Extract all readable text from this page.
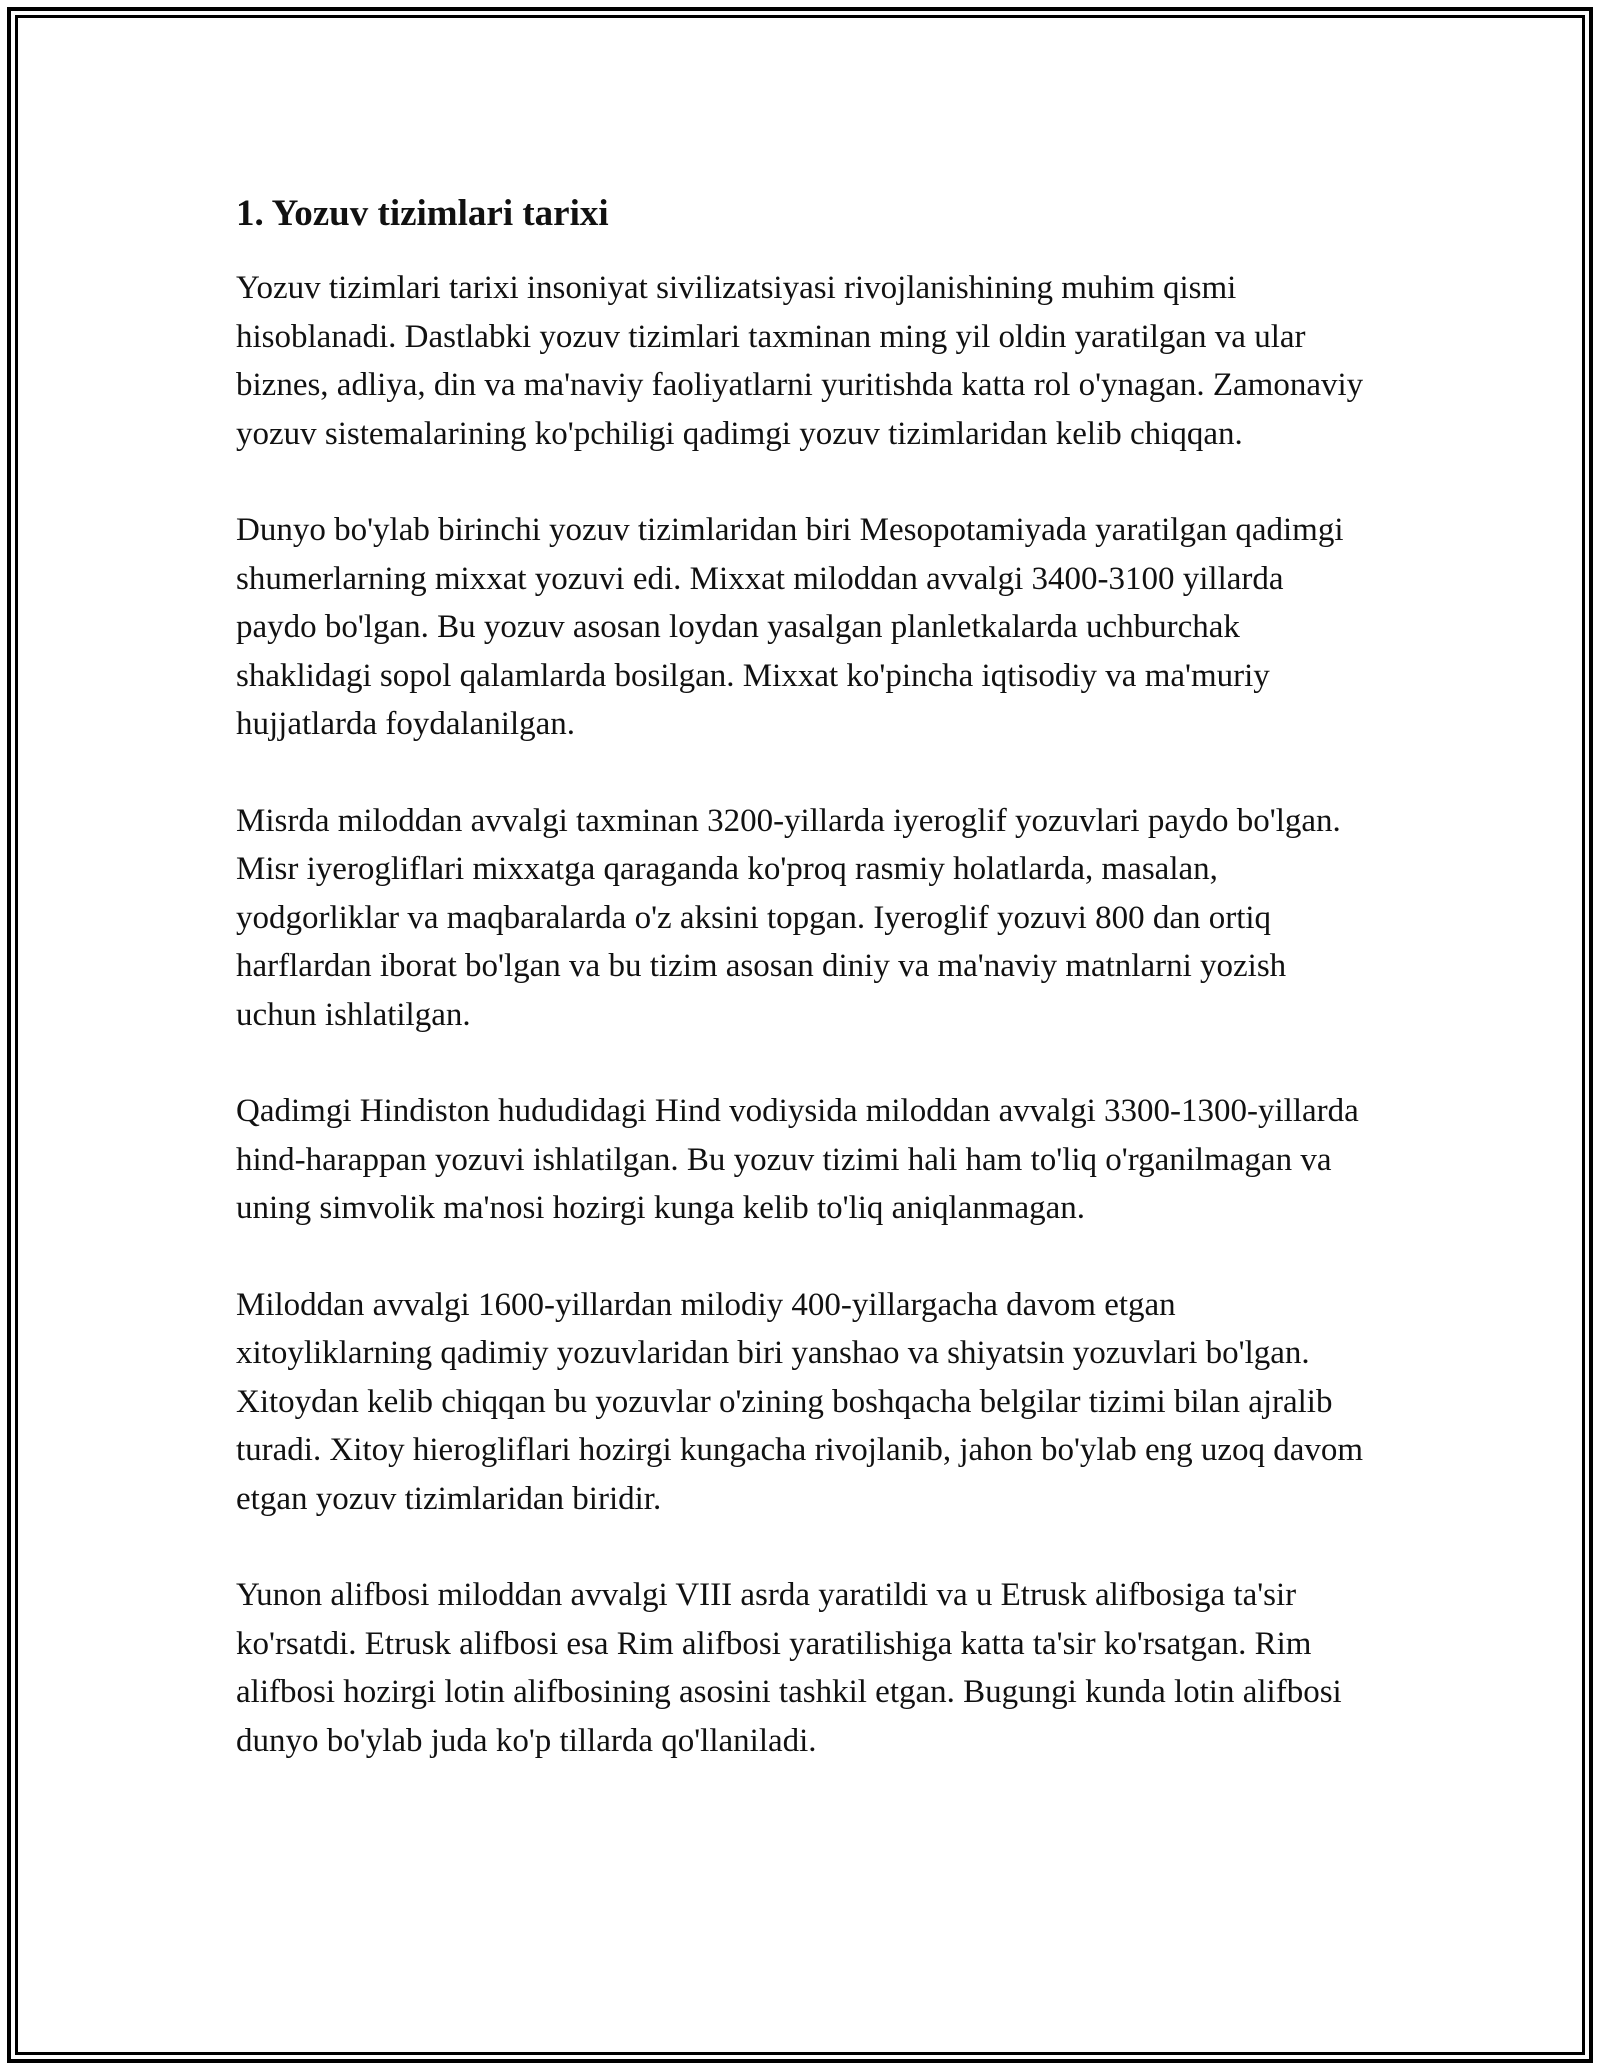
1. Yozuv tizimlari tarixi

Yozuv tizimlari tarixi insoniyat sivilizatsiyasi rivojlanishining muhim qismi hisoblanadi. Dastlabki yozuv tizimlari taxminan ming yil oldin yaratilgan va ular biznes, adliya, din va ma'naviy faoliyatlarni yuritishda katta rol o'ynagan. Zamonaviy yozuv sistemalarining ko'pchiligi qadimgi yozuv tizimlaridan kelib chiqqan.

Dunyo bo'ylab birinchi yozuv tizimlaridan biri Mesopotamiyada yaratilgan qadimgi shumerlarning mixxat yozuvi edi. Mixxat miloddan avvalgi 3400-3100 yillarda paydo bo'lgan. Bu yozuv asosan loydan yasalgan planletkalarda uchburchak shaklidagi sopol qalamlarda bosilgan. Mixxat ko'pincha iqtisodiy va ma'muriy hujjatlarda foydalanilgan.

Misrda miloddan avvalgi taxminan 3200-yillarda iyeroglif yozuvlari paydo bo'lgan. Misr iyerogliflari mixxatga qaraganda ko'proq rasmiy holatlarda, masalan, yodgorliklar va maqbaralarda o'z aksini topgan. Iyeroglif yozuvi 800 dan ortiq harflardan iborat bo'lgan va bu tizim asosan diniy va ma'naviy matnlarni yozish uchun ishlatilgan.

Qadimgi Hindiston hududidagi Hind vodiysida miloddan avvalgi 3300-1300-yillarda hind-harappan yozuvi ishlatilgan. Bu yozuv tizimi hali ham to'liq o'rganilmagan va uning simvolik ma'nosi hozirgi kunga kelib to'liq aniqlanmagan.

Miloddan avvalgi 1600-yillardan milodiy 400-yillargacha davom etgan xitoyliklarning qadimiy yozuvlaridan biri yanshao va shiyatsin yozuvlari bo'lgan. Xitoydan kelib chiqqan bu yozuvlar o'zining boshqacha belgilar tizimi bilan ajralib turadi. Xitoy hierogliflari hozirgi kungacha rivojlanib, jahon bo'ylab eng uzoq davom etgan yozuv tizimlaridan biridir.

Yunon alifbosi miloddan avvalgi VIII asrda yaratildi va u Etrusk alifbosiga ta'sir ko'rsatdi. Etrusk alifbosi esa Rim alifbosi yaratilishiga katta ta'sir ko'rsatgan. Rim alifbosi hozirgi lotin alifbosining asosini tashkil etgan. Bugungi kunda lotin alifbosi dunyo bo'ylab juda ko'p tillarda qo'llaniladi.
